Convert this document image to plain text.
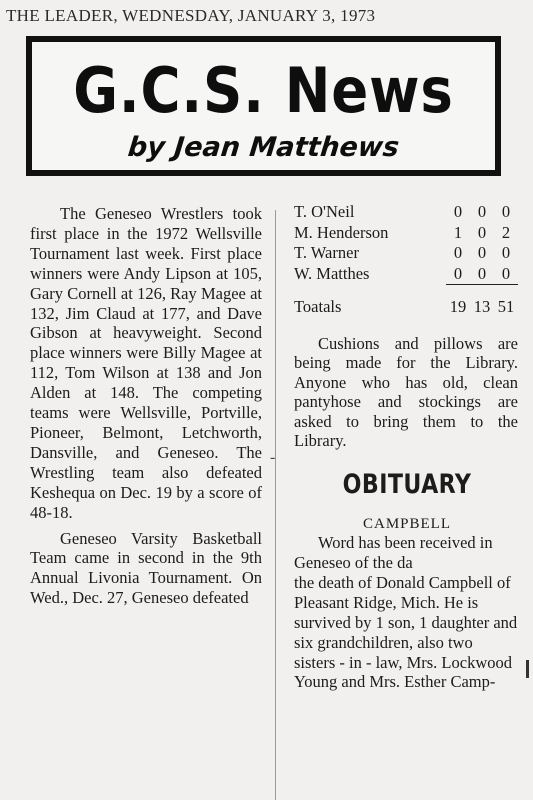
THE LEADER, WEDNESDAY, JANUARY 3, 1973
G.C.S. News
by Jean Matthews

The Geneseo Wrestlers took first place in the 1972 Wellsville Tournament last week. First place winners were Andy Lipson at 105, Gary Cornell at 126, Ray Magee at 132, Jim Claud at 177, and Dave Gibson at heavyweight. Second place winners were Billy Magee at 112, Tom Wilson at 138 and Jon Alden at 148. The competing teams were Wellsville, Portville, Pioneer, Belmont, Letchworth, Dansville, and Geneseo. The Wrestling team also defeated Keshequa on Dec. 19 by a score of 48-18.

Geneseo Varsity Basketball Team came in second in the 9th Annual Livonia Tournament. On Wed., Dec. 27, Geneseo defeated

-
T. O'Neil	0	0	0
M. Henderson	1	0	2
T. Warner	0	0	0
W. Matthes	0	0	0
Toatals	19	13	51
Cushions and pillows are being made for the Library. Anyone who has old, clean pantyhose and stockings are asked to bring them to the Library.
OBITUARY
CAMPBELL

Word has been received in Geneseo of the da

the death of Donald Campbell of Pleasant Ridge, Mich. He is survived by 1 son, 1 daughter and six grandchildren, also two sisters - in - law, Mrs. Lockwood Young and Mrs. Esther Camp-
